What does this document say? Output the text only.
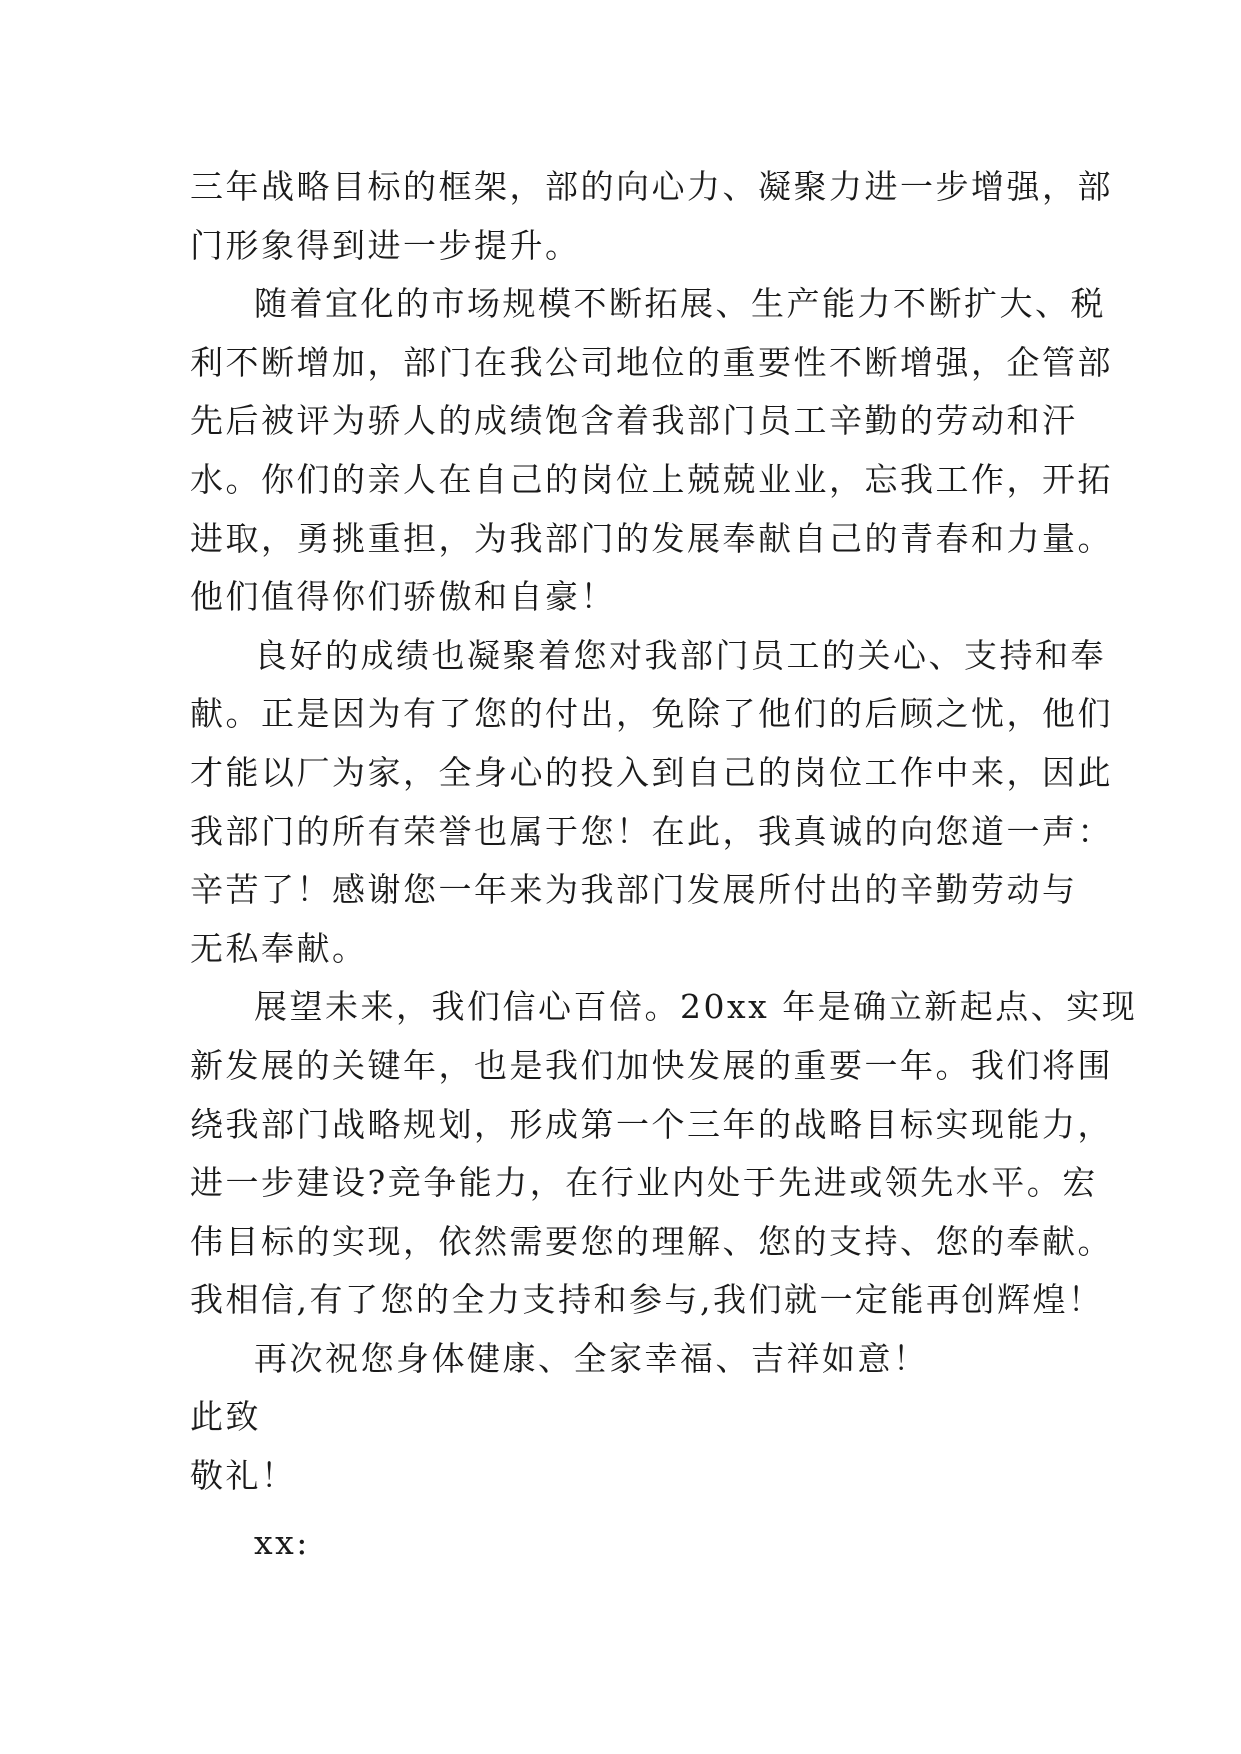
三年战略目标的框架，部的向心力、凝聚力进一步增强，部
门形象得到进一步提升。
随着宜化的市场规模不断拓展、生产能力不断扩大、税
利不断增加，部门在我公司地位的重要性不断增强，企管部
先后被评为骄人的成绩饱含着我部门员工辛勤的劳动和汗
水。你们的亲人在自己的岗位上兢兢业业，忘我工作，开拓
进取，勇挑重担，为我部门的发展奉献自己的青春和力量。
他们值得你们骄傲和自豪！
良好的成绩也凝聚着您对我部门员工的关心、支持和奉
献。正是因为有了您的付出，免除了他们的后顾之忧，他们
才能以厂为家，全身心的投入到自己的岗位工作中来，因此
我部门的所有荣誉也属于您！在此，我真诚的向您道一声：
辛苦了！感谢您一年来为我部门发展所付出的辛勤劳动与
无私奉献。
展望未来，我们信心百倍。20xx 年是确立新起点、实现
新发展的关键年，也是我们加快发展的重要一年。我们将围
绕我部门战略规划，形成第一个三年的战略目标实现能力，
进一步建设?竞争能力，在行业内处于先进或领先水平。宏
伟目标的实现，依然需要您的理解、您的支持、您的奉献。
我相信,有了您的全力支持和参与,我们就一定能再创辉煌！
再次祝您身体健康、全家幸福、吉祥如意！
此致
敬礼！
xx:
